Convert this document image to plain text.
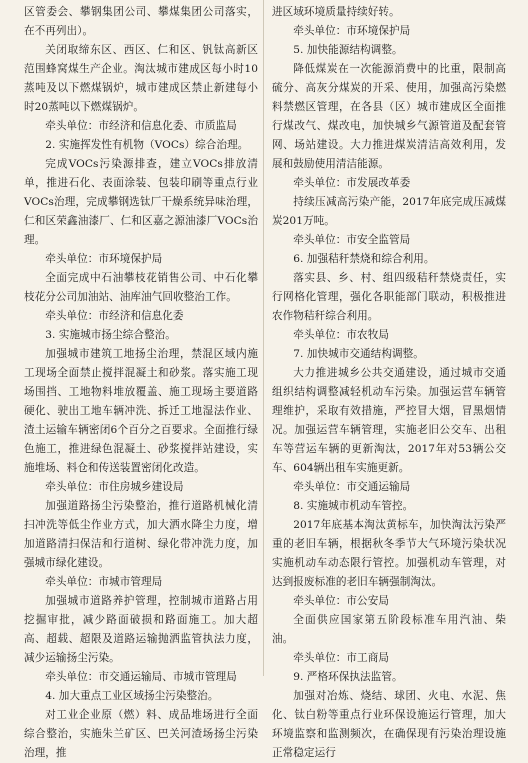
区管委会、攀钢集团公司、攀煤集团公司落实，在不再列出）。

关闭取缔东区、西区、仁和区、钒钛高新区范围蜂窝煤生产企业。淘汰城市建成区每小时10蒸吨及以下燃煤锅炉，城市建成区禁止新建每小时20蒸吨以下燃煤锅炉。

牵头单位：市经济和信息化委、市质监局

2. 实施挥发性有机物（VOCs）综合治理。

完成VOCs污染源排查，建立VOCs排放清单，推进石化、表面涂装、包装印刷等重点行业VOCs治理，完成攀钢选钛厂干燥系统异味治理，仁和区荣鑫油漆厂、仁和区嘉之源油漆厂VOCs治理。

牵头单位：市环境保护局

全面完成中石油攀枝花销售公司、中石化攀枝花分公司加油站、油库油气回收整治工作。

牵头单位：市经济和信息化委

3. 实施城市扬尘综合整治。

加强城市建筑工地扬尘治理，禁混区域内施工现场全面禁止搅拌混凝土和砂浆。落实施工现场围挡、工地物料堆放覆盖、施工现场主要道路硬化、驶出工地车辆冲洗、拆迁工地湿法作业、渣土运输车辆密闭6个百分之百要求。全面推行绿色施工，推进绿色混凝土、砂浆搅拌站建设，实施堆场、料仓和传送装置密闭化改造。

牵头单位：市住房城乡建设局

加强道路扬尘污染整治，推行道路机械化清扫冲洗等低尘作业方式，加大洒水降尘力度，增加道路清扫保洁和行道树、绿化带冲洗力度，加强城市绿化建设。

牵头单位：市城市管理局

加强城市道路养护管理，控制城市道路占用挖掘审批，减少路面破损和路面施工。加大超高、超载、超限及道路运输抛洒监管执法力度，减少运输扬尘污染。

牵头单位：市交通运输局、市城市管理局

4. 加大重点工业区域扬尘污染整治。

对工业企业原（燃）料、成品堆场进行全面综合整治，实施朱兰矿区、巴关河渣场扬尘污染治理，推

进区域环境质量持续好转。

牵头单位：市环境保护局

5. 加快能源结构调整。

降低煤炭在一次能源消费中的比重，限制高硫分、高灰分煤炭的开采、使用，加强高污染燃料禁燃区管理，在各县（区）城市建成区全面推行煤改气、煤改电，加快城乡气源管道及配套管网、场站建设。大力推进煤炭清洁高效利用，发展和鼓励使用清洁能源。

牵头单位：市发展改革委

持续压减高污染产能，2017年底完成压减煤炭201万吨。

牵头单位：市安全监管局

6. 加强秸秆禁烧和综合利用。

落实县、乡、村、组四级秸秆禁烧责任，实行网格化管理，强化各职能部门联动，积极推进农作物秸秆综合利用。

牵头单位：市农牧局

7. 加快城市交通结构调整。

大力推进城乡公共交通建设，通过城市交通组织结构调整减轻机动车污染。加强运营车辆管理维护，采取有效措施，严控冒大烟，冒黑烟情况。加强运营车辆管理，实施老旧公交车、出租车等营运车辆的更新淘汰，2017年对53辆公交车、604辆出租车实施更新。

牵头单位：市交通运输局

8. 实施城市机动车管控。

2017年底基本淘汰黄标车，加快淘汰污染严重的老旧车辆，根据秋冬季节大气环境污染状况实施机动车动态限行管控。加强机动车管理，对达到报废标准的老旧车辆强制淘汰。

牵头单位：市公安局

全面供应国家第五阶段标准车用汽油、柴油。

牵头单位：市工商局

9. 严格环保执法监管。

加强对冶炼、烧结、球团、火电、水泥、焦化、钛白粉等重点行业环保设施运行管理，加大环境监察和监测频次，在确保现有污染治理设施正常稳定运行
